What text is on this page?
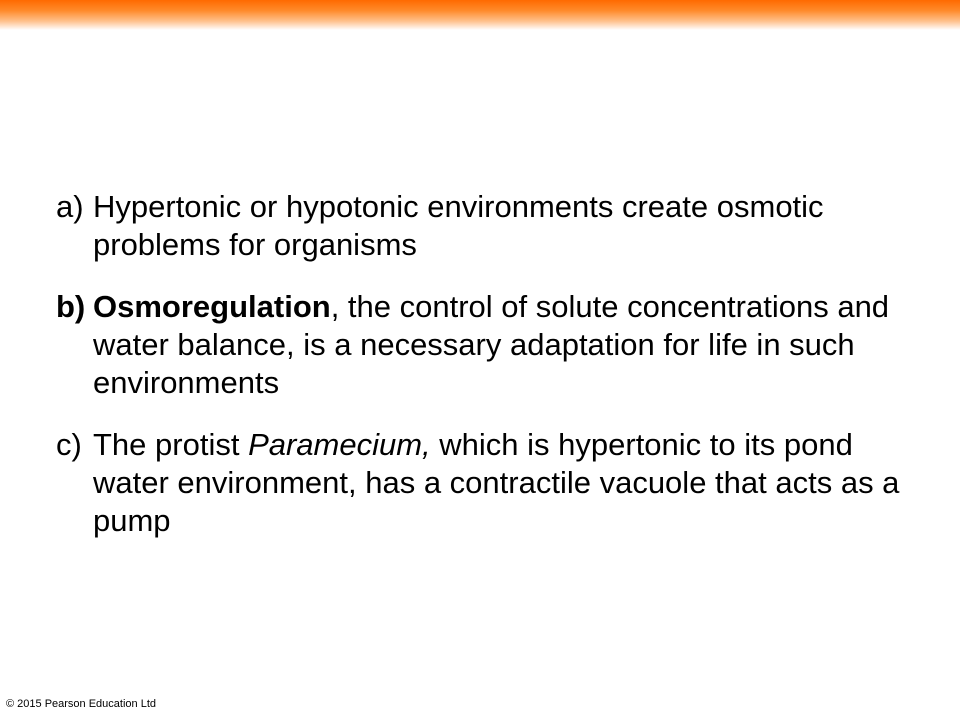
a) Hypertonic or hypotonic environments create osmotic problems for organisms
b) Osmoregulation, the control of solute concentrations and water balance, is a necessary adaptation for life in such environments
c) The protist Paramecium, which is hypertonic to its pond water environment, has a contractile vacuole that acts as a pump
© 2015 Pearson Education Ltd
